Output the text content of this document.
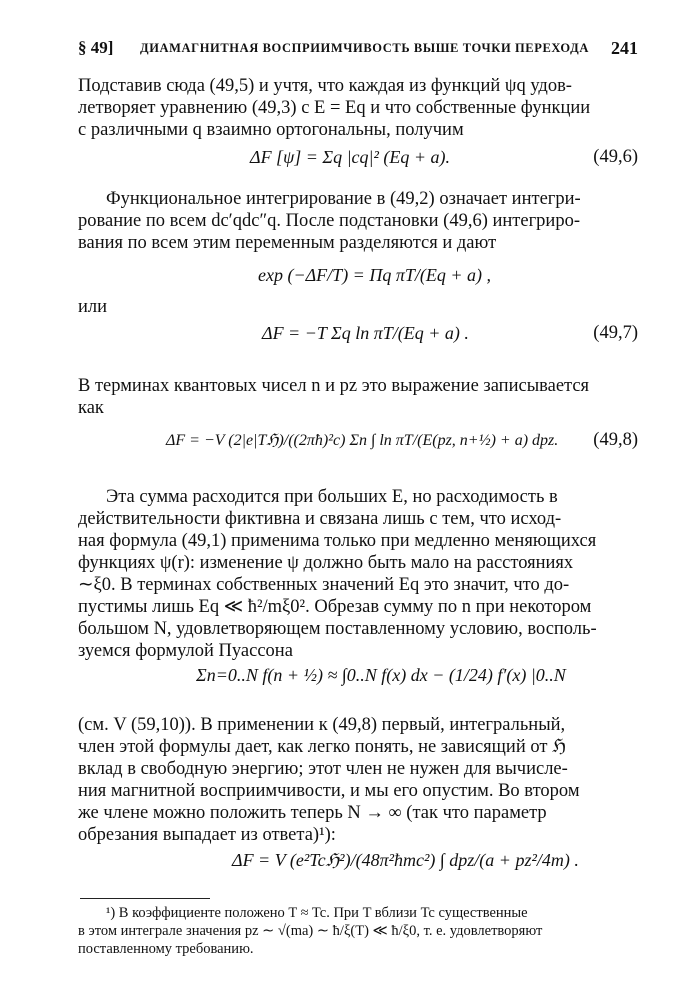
§ 49] ДИАМАГНИТНАЯ ВОСПРИИМЧИВОСТЬ ВЫШЕ ТОЧКИ ПЕРЕХОДА 241
Подставив сюда (49,5) и учтя, что каждая из функций ψq удов-
летворяет уравнению (49,3) с E = Eq и что собственные функции
с различными q взаимно ортогональны, получим
ΔF [ψ] = Σq |cq|² (Eq + a).	(49,6)
Функциональное интегрирование в (49,2) означает интегри-
рование по всем dc′qdc″q. После подстановки (49,6) интегриро-
вания по всем этим переменным разделяются и дают
exp (−ΔF/T) = Πq πT/(Eq + a) ,
или
ΔF = −T Σq ln πT/(Eq + a) .	(49,7)
В терминах квантовых чисел n и pz это выражение записывается
как
ΔF = −V (2|e|Tℌ)/((2πħ)²c) Σn ∫ ln πT/(E(pz, n+½) + a) dpz. (49,8)
Эта сумма расходится при больших E, но расходимость в
действительности фиктивна и связана лишь с тем, что исход-
ная формула (49,1) применима только при медленно меняющихся
функциях ψ(r): изменение ψ должно быть мало на расстояниях
∼ξ0. В терминах собственных значений Eq это значит, что до-
пустимы лишь Eq ≪ ħ²/mξ0². Обрезав сумму по n при некотором
большом N, удовлетворяющем поставленному условию, восполь-
зуемся формулой Пуассона
Σn=0..N f(n + ½) ≈ ∫0..N f(x) dx − (1/24) f′(x) |0..N
(см. V (59,10)). В применении к (49,8) первый, интегральный,
член этой формулы дает, как легко понять, не зависящий от ℌ
вклад в свободную энергию; этот член не нужен для вычисле-
ния магнитной восприимчивости, и мы его опустим. Во втором
же члене можно положить теперь N → ∞ (так что параметр
обрезания выпадает из ответа)¹):
ΔF = V (e²Tcℌ²)/(48π²ħmc²) ∫ dpz/(a + pz²/4m) .
¹) В коэффициенте положено T ≈ Tc. При T вблизи Tc существенные
в этом интеграле значения pz ∼ √(ma) ∼ ħ/ξ(T) ≪ ħ/ξ0, т. е. удовлетворяют
поставленному требованию.
